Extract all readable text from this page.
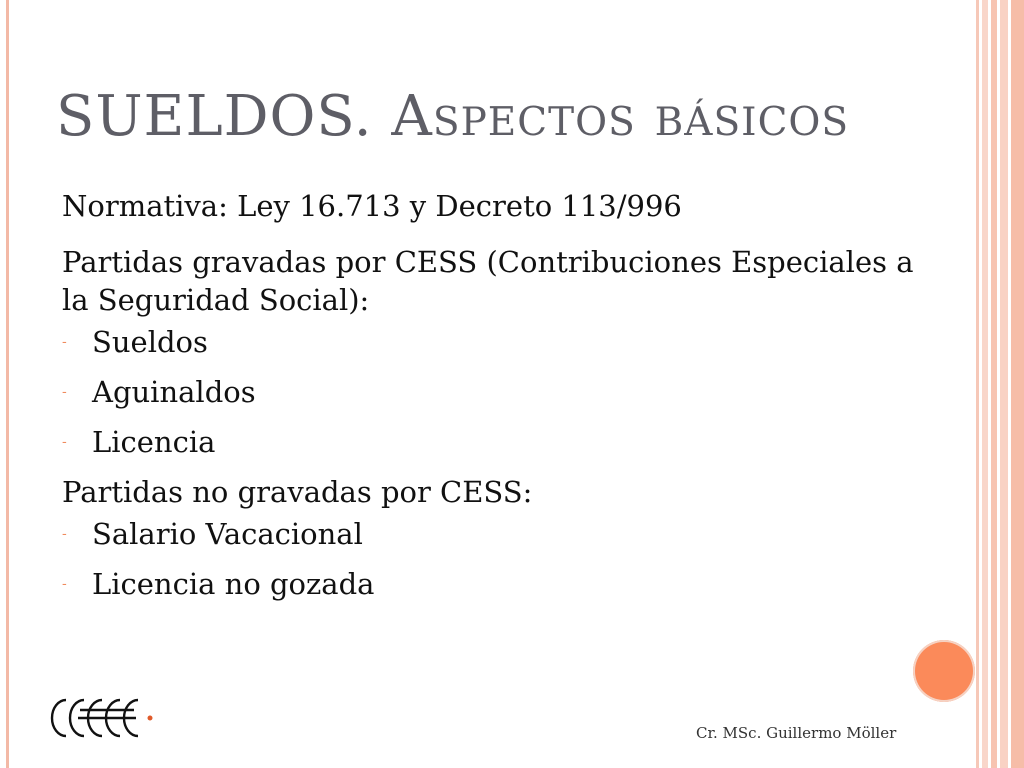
SUELDOS. Aspectos básicos

Normativa: Ley 16.713 y Decreto 113/996

Partidas gravadas por CESS (Contribuciones Especiales a la Seguridad Social):

- Sueldos

- Aguinaldos

- Licencia

Partidas no gravadas por CESS:

- Salario Vacacional

- Licencia no gozada

Cr. MSc. Guillermo Möller
